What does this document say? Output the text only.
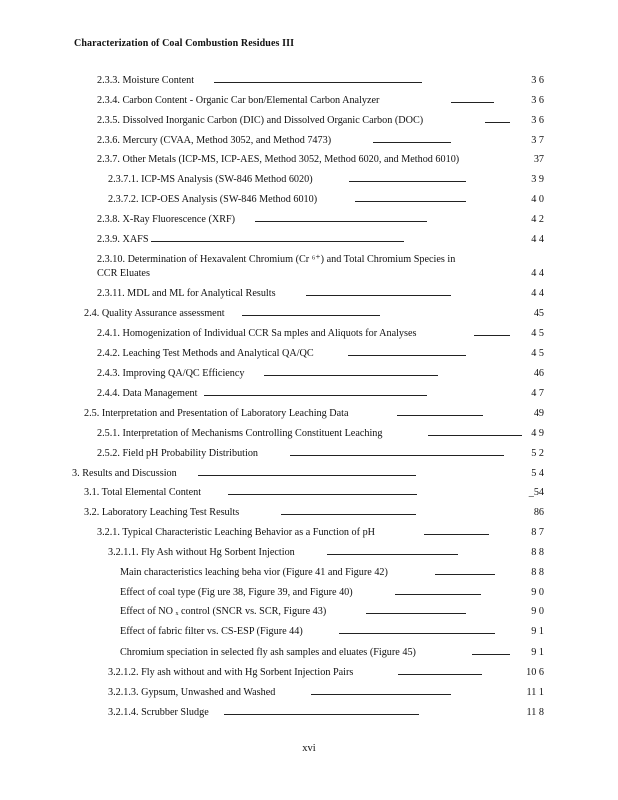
Characterization of Coal Combustion Residues III
2.3.3. Moisture Content	3 6
2.3.4. Carbon Content - Organic Car bon/Elemental Carbon Analyzer	3 6
2.3.5. Dissolved Inorganic Carbon (DIC) and Dissolved Organic Carbon (DOC)	3 6
2.3.6. Mercury (CVAA, Method 3052, and Method 7473)	3 7
2.3.7. Other Metals (ICP-MS, ICP-AES, Method 3052, Method 6020, and Method 6010)	37
2.3.7.1. ICP-MS Analysis (SW-846 Method 6020)	3 9
2.3.7.2. ICP-OES Analysis (SW-846 Method 6010)	4 0
2.3.8. X-Ray Fluorescence (XRF)	4 2
2.3.9. XAFS	4 4
2.3.10. Determination of Hexavalent Chromium (Cr ⁶⁺) and Total Chromium Species in
CCR Eluates	4 4
2.3.11. MDL and ML for Analytical Results	4 4
2.4. Quality Assurance assessment	45
2.4.1. Homogenization of Individual CCR Sa mples and Aliquots for Analyses	4 5
2.4.2. Leaching Test Methods and Analytical QA/QC	4 5
2.4.3. Improving QA/QC Efficiency	46
2.4.4. Data Management	4 7
2.5. Interpretation and Presentation of Laboratory Leaching Data	49
2.5.1. Interpretation of Mechanisms Controlling Constituent Leaching	4 9
2.5.2. Field pH Probability Distribution	5 2
3. Results and Discussion	5 4
3.1. Total Elemental Content	_54
3.2. Laboratory Leaching Test Results	86
3.2.1. Typical Characteristic Leaching Behavior as a Function of pH	8 7
3.2.1.1. Fly Ash without Hg Sorbent Injection	8 8
Main characteristics leaching beha vior (Figure 41 and Figure 42)	8 8
Effect of coal type (Fig ure 38, Figure 39, and Figure 40)	9 0
Effect of NO ₓ control (SNCR vs. SCR, Figure 43)	9 0
Effect of fabric filter vs. CS-ESP (Figure 44)	9 1
Chromium speciation in selected fly ash samples and eluates (Figure 45)	9 1
3.2.1.2. Fly ash without and with Hg Sorbent Injection Pairs	10 6
3.2.1.3. Gypsum, Unwashed and Washed	11 1
3.2.1.4. Scrubber Sludge	11 8
xvi
